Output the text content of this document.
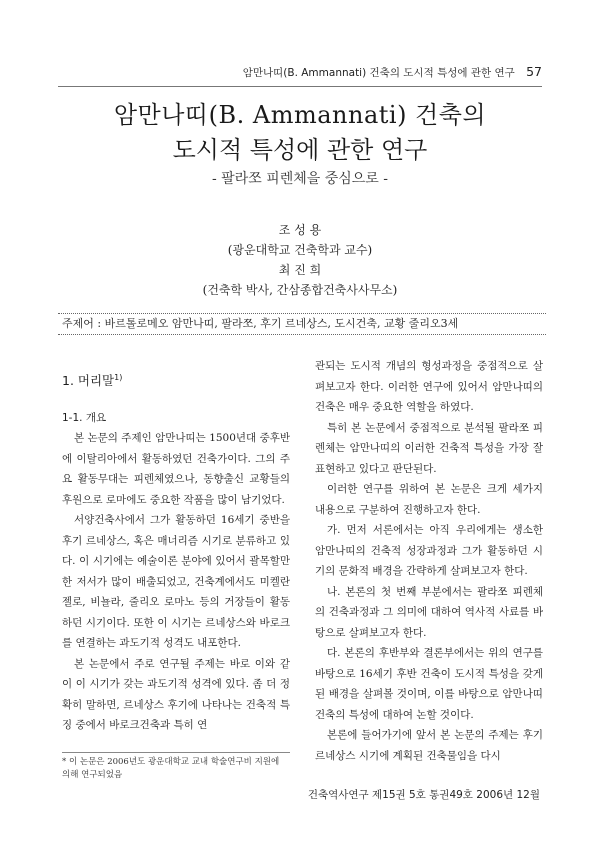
암만나띠(B. Ammannati) 건축의 도시적 특성에 관한 연구 57
암만나띠(B. Ammannati) 건축의
도시적 특성에 관한 연구
- 팔라쪼 피렌체을 중심으로 -
조 성 용
(광운대학교 건축학과 교수)
최 진 희
(건축학 박사, 간삼종합건축사사무소)
주제어 : 바르톨로메오 암만나띠, 팔라쪼, 후기 르네상스, 도시건축, 교황 줄리오3세
1. 머리말$^{1)}$
1-1. 개요

본 논문의 주제인 암만나띠는 1500년대 중후반에 이탈리아에서 활동하였던 건축가이다. 그의 주요 활동무대는 피렌체였으나, 동향출신 교황들의 후원으로 로마에도 중요한 작품을 많이 남기었다.

서양건축사에서 그가 활동하던 16세기 중반을 후기 르네상스, 혹은 매너리즘 시기로 분류하고 있다. 이 시기에는 예술이론 분야에 있어서 괄목할만한 저서가 많이 배출되었고, 건축계에서도 미켈란젤로, 비뇰라, 줄리오 로마노 등의 거장들이 활동하던 시기이다. 또한 이 시기는 르네상스와 바로크를 연결하는 과도기적 성격도 내포한다.

본 논문에서 주로 연구될 주제는 바로 이와 같이 이 시기가 갖는 과도기적 성격에 있다. 좀 더 정확히 말하면, 르네상스 후기에 나타나는 건축적 특징 중에서 바로크건축과 특히 연

관되는 도시적 개념의 형성과정을 중점적으로 살펴보고자 한다. 이러한 연구에 있어서 암만나띠의 건축은 매우 중요한 역할을 하였다.

특히 본 논문에서 중점적으로 분석될 팔라쪼 피렌체는 암만나띠의 이러한 건축적 특성을 가장 잘 표현하고 있다고 판단된다.

이러한 연구를 위하여 본 논문은 크게 세가지 내용으로 구분하여 진행하고자 한다.

가. 먼저 서론에서는 아직 우리에게는 생소한 암만나띠의 건축적 성장과정과 그가 활동하던 시기의 문화적 배경을 간략하게 살펴보고자 한다.

나. 본론의 첫 번째 부분에서는 팔라쪼 피렌체의 건축과정과 그 의미에 대하여 역사적 사료를 바탕으로 살펴보고자 한다.

다. 본론의 후반부와 결론부에서는 위의 연구를 바탕으로 16세기 후반 건축이 도시적 특성을 갖게 된 배경을 살펴볼 것이며, 이를 바탕으로 암만나띠 건축의 특성에 대하여 논할 것이다.

본론에 들어가기에 앞서 본 논문의 주제는 후기르네상스 시기에 계획된 건축물임을 다시

* 이 논문은 2006년도 광운대학교 교내 학술연구비 지원에 의해 연구되었음
건축역사연구 제15권 5호 통권49호 2006년 12월
